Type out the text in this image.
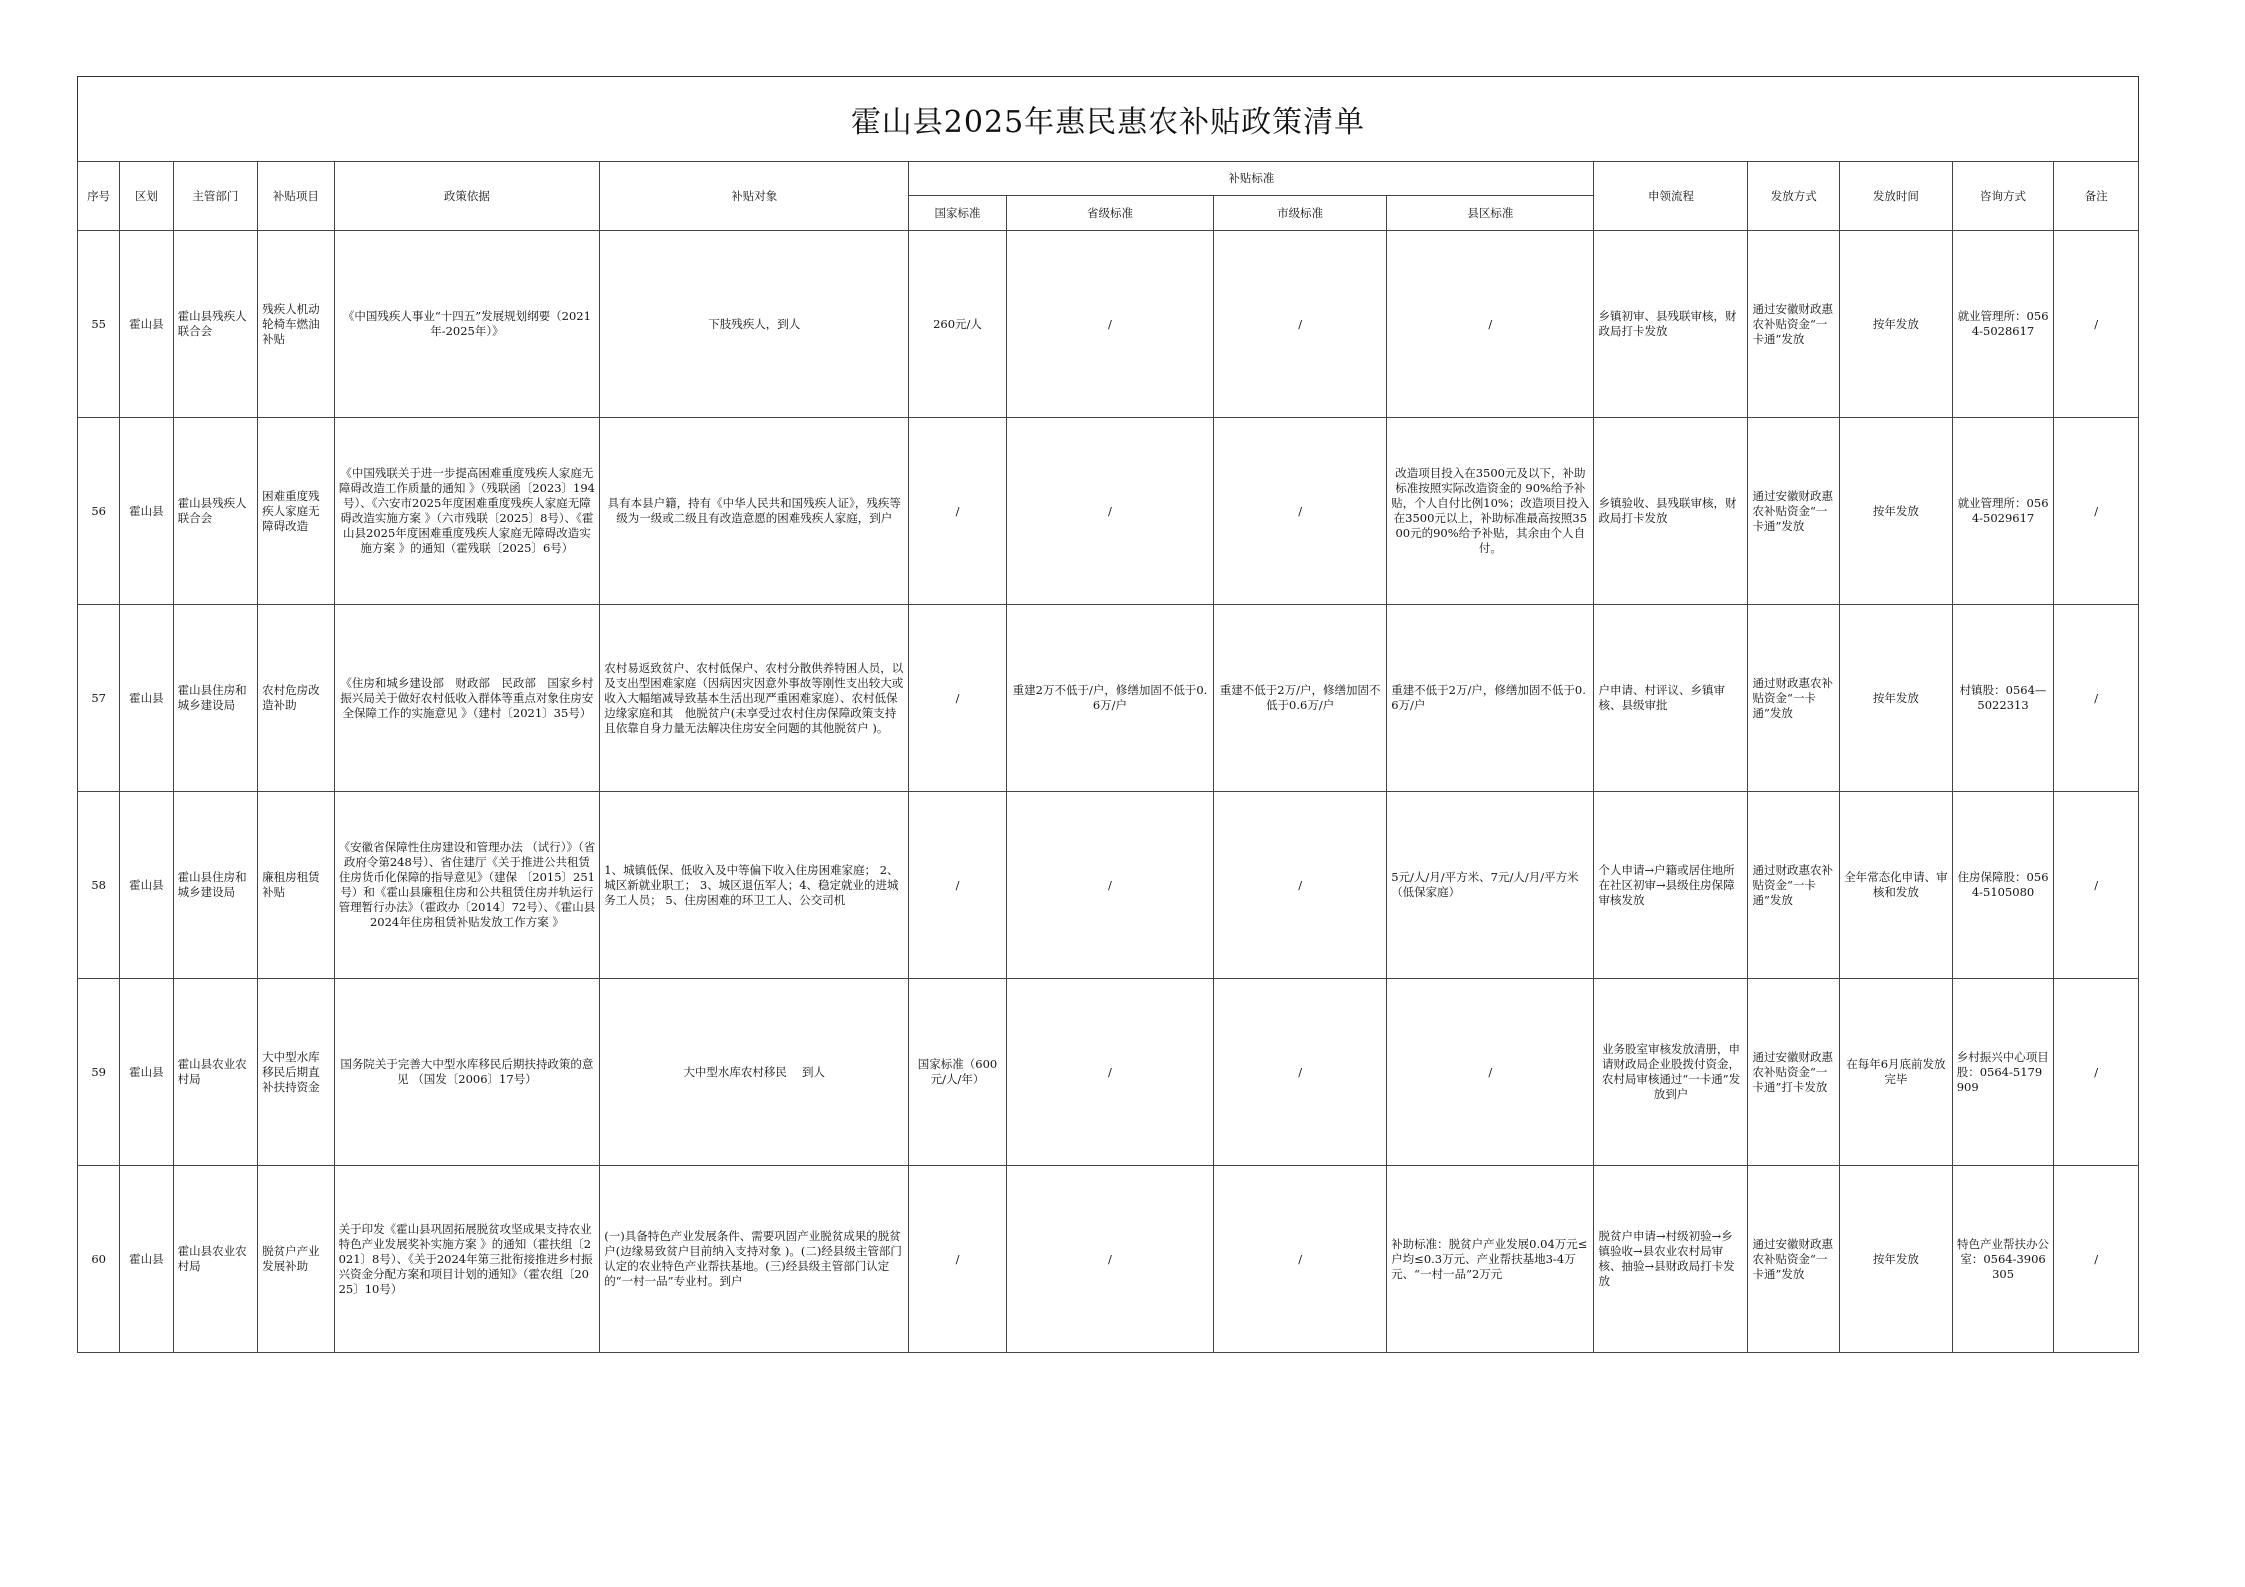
霍山县2025年惠民惠农补贴政策清单
序号	区划	主管部门	补贴项目	政策依据	补贴对象	补贴标准				申领流程	发放方式	发放时间	咨询方式	备注
						国家标准	省级标准	市级标准	县区标准					
55	霍山县	霍山县残疾人联合会	残疾人机动轮椅车燃油补贴	《中国残疾人事业“十四五”发展规划纲要（2021年-2025年）》	下肢残疾人，到人	260元/人	/	/	/	乡镇初审、县残联审核，财政局打卡发放	通过安徽财政惠农补贴资金“一卡通”发放	按年发放	就业管理所：0564-5028617	/
56	霍山县	霍山县残疾人联合会	困难重度残疾人家庭无障碍改造	《中国残联关于进一步提高困难重度残疾人家庭无障碍改造工作质量的通知 》（残联函〔2023〕194号）、《六安市2025年度困难重度残疾人家庭无障碍改造实施方案 》（六市残联〔2025〕8号）、《霍山县2025年度困难重度残疾人家庭无障碍改造实施方案 》的通知（霍残联〔2025〕6号）	具有本县户籍，持有《中华人民共和国残疾人证》，残疾等级为一级或二级且有改造意愿的困难残疾人家庭，到户	/	/	/	改造项目投入在3500元及以下，补助标准按照实际改造资金的 90%给予补贴，个人自付比例10%；改造项目投入在3500元以上，补助标准最高按照3500元的90%给予补贴，其余由个人自付。	乡镇验收、县残联审核，财政局打卡发放	通过安徽财政惠农补贴资金“一卡通”发放	按年发放	就业管理所：0564-5029617	/
57	霍山县	霍山县住房和城乡建设局	农村危房改造补助	《住房和城乡建设部　财政部　民政部　国家乡村振兴局关于做好农村低收入群体等重点对象住房安全保障工作的实施意见 》（建村〔2021〕35号）	农村易返致贫户、农村低保户、农村分散供养特困人员，以及支出型困难家庭（因病因灾因意外事故等刚性支出较大或收入大幅缩减导致基本生活出现严重困难家庭）、农村低保边缘家庭和其　他脱贫户(未享受过农村住房保障政策支持且依靠自身力量无法解决住房安全问题的其他脱贫户 )。	/	重建2万不低于/户，修缮加固不低于0.6万/户	重建不低于2万/户，修缮加固不低于0.6万/户	重建不低于2万/户，修缮加固不低于0.6万/户	户申请、村评议、乡镇审核、县级审批	通过财政惠农补贴资金“一卡通”发放	按年发放	村镇股：0564—5022313	/
58	霍山县	霍山县住房和城乡建设局	廉租房租赁补贴	《安徽省保障性住房建设和管理办法 （试行）》（省政府令第248号）、省住建厅《关于推进公共租赁住房货币化保障的指导意见》（建保 〔2015〕251号）和《霍山县廉租住房和公共租赁住房并轨运行管理暂行办法》（霍政办〔2014〕72号）、《霍山县2024年住房租赁补贴发放工作方案 》	1、城镇低保、低收入及中等偏下收入住房困难家庭； 2、城区新就业职工； 3、城区退伍军人；4、稳定就业的进城务工人员； 5、住房困难的环卫工人、公交司机	/	/	/	5元/人/月/平方米、7元/人/月/平方米（低保家庭）	个人申请→户籍或居住地所在社区初审→县级住房保障审核发放	通过财政惠农补贴资金“一卡通”发放	全年常态化申请、审核和发放	住房保障股：0564-5105080	/
59	霍山县	霍山县农业农村局	大中型水库移民后期直补扶持资金	国务院关于完善大中型水库移民后期扶持政策的意见 （国发〔2006〕17号）	大中型水库农村移民　 到人	国家标准（600元/人/年）	/	/	/	业务股室审核发放清册，申请财政局企业股拨付资金，农村局审核通过“一卡通”发放到户	通过安徽财政惠农补贴资金“一卡通”打卡发放	在每年6月底前发放完毕	乡村振兴中心项目股：0564-5179909	/
60	霍山县	霍山县农业农村局	脱贫户产业发展补助	关于印发《霍山县巩固拓展脱贫攻坚成果支持农业特色产业发展奖补实施方案 》的通知（霍扶组〔2021〕8号）、《关于2024年第三批衔接推进乡村振兴资金分配方案和项目计划的通知》（霍农组〔2025〕10号）	(一)具备特色产业发展条件、需要巩固产业脱贫成果的脱贫户(边缘易致贫户目前纳入支持对象 )。(二)经县级主管部门认定的农业特色产业帮扶基地。(三)经县级主管部门认定的“一村一品”专业村。到户	/	/	/	补助标准：脱贫户产业发展0.04万元≤户均≤0.3万元、产业帮扶基地3-4万元、“一村一品”2万元	脱贫户申请→村级初验→乡镇验收→县农业农村局审核、抽验→县财政局打卡发放	通过安徽财政惠农补贴资金“一卡通”发放	按年发放	特色产业帮扶办公室：0564-3906305	/
